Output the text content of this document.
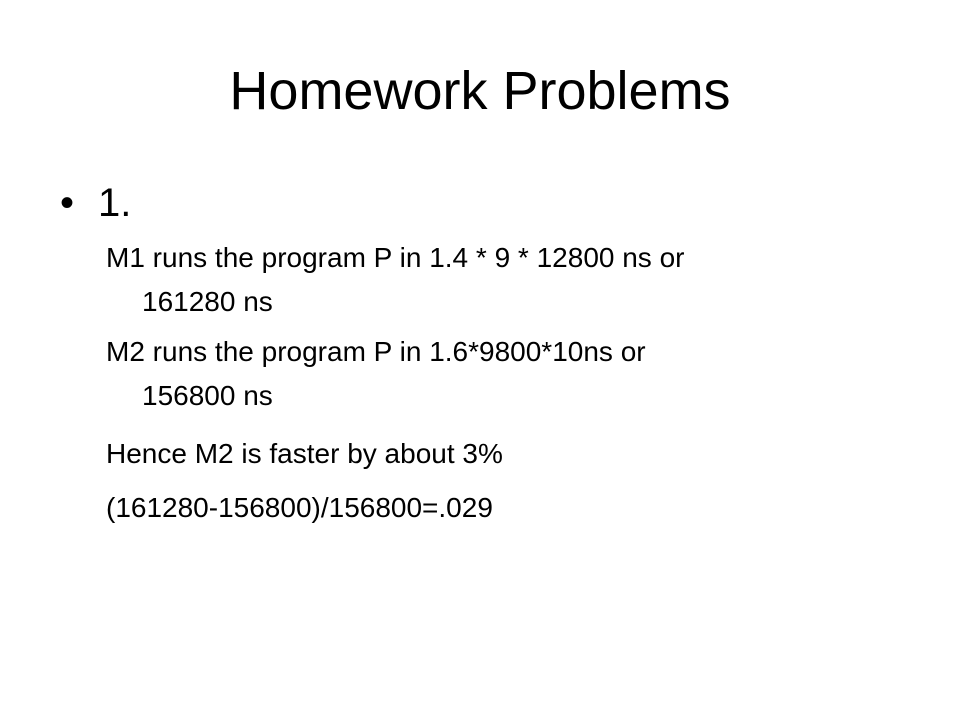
Homework Problems
• 1.
M1 runs the program P in 1.4 * 9 * 12800 ns or
161280 ns
M2 runs the program P in 1.6*9800*10ns or
156800 ns
Hence M2 is faster by about 3%
(161280-156800)/156800=.029
